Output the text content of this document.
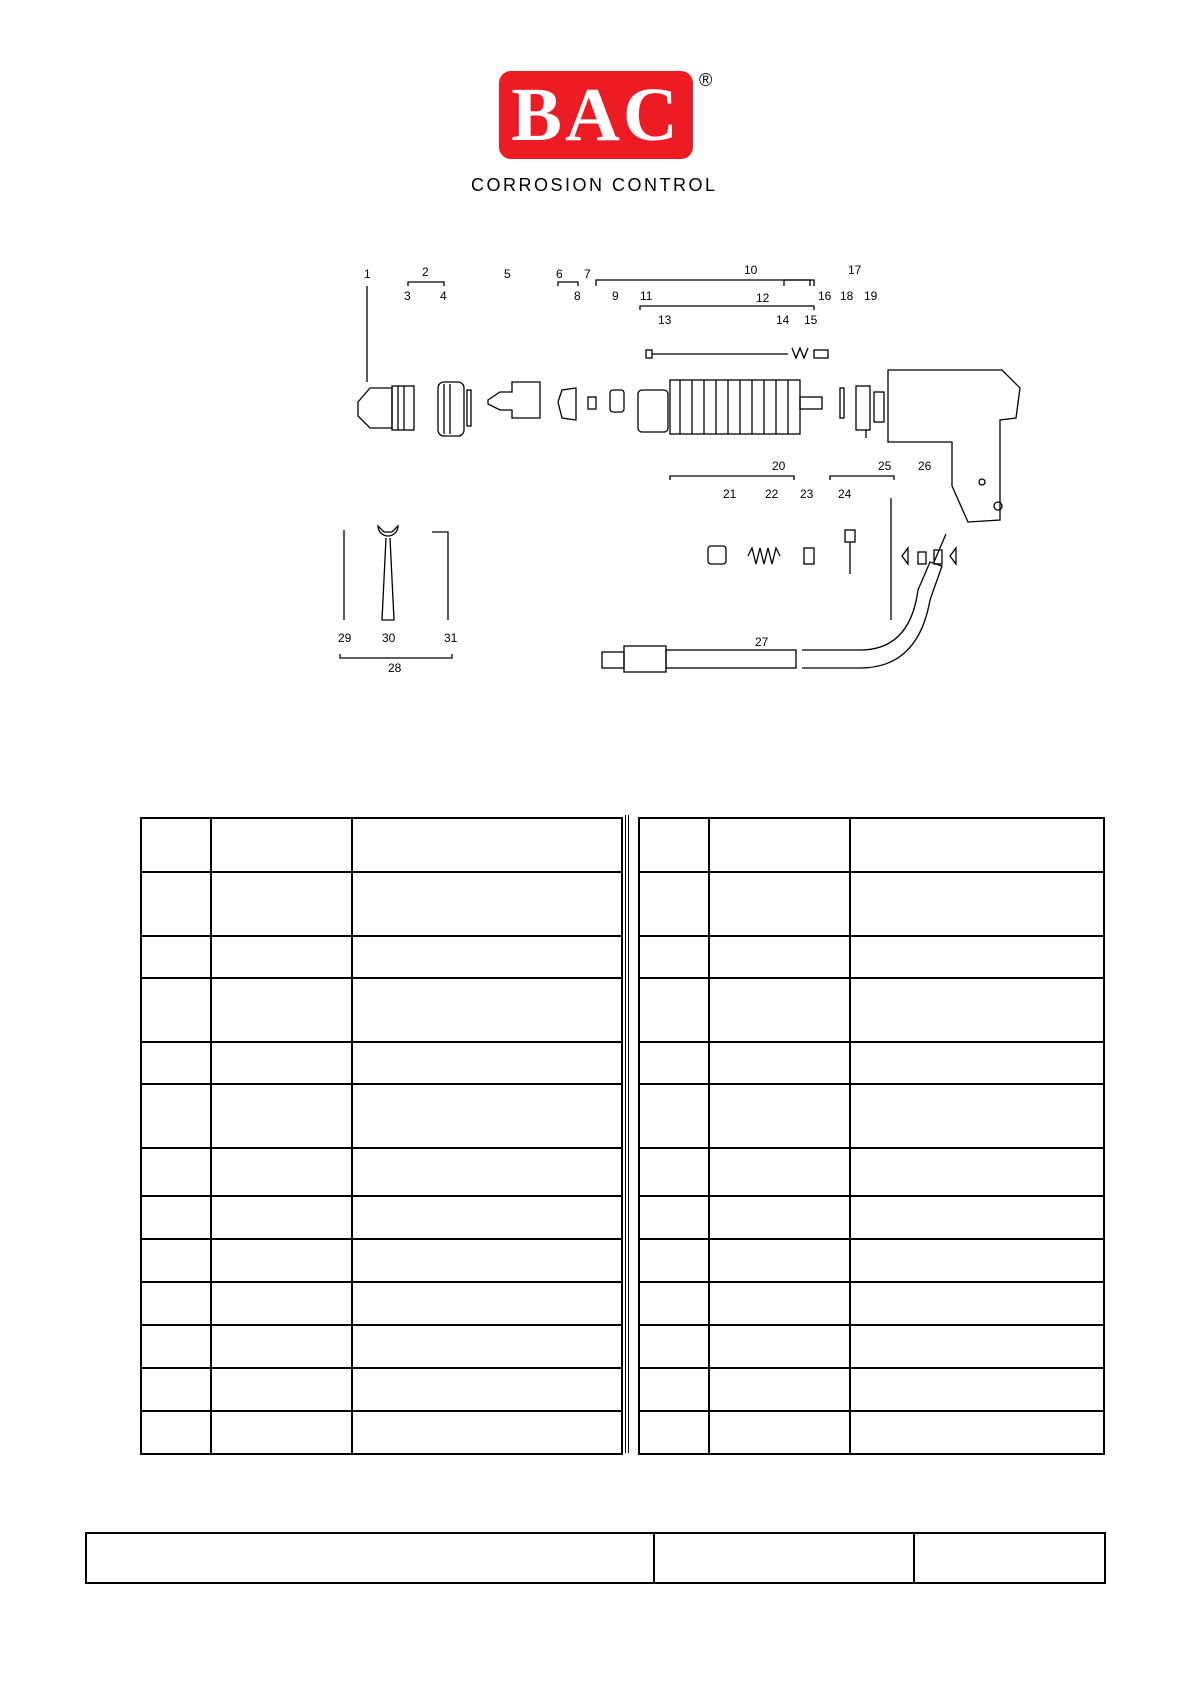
BAC ®
CORROSION CONTROL
1	2
3 4
5	6 7
8	9
10
11	12
13	14 15
16
17
18 19
20
21 22 23 24
25 26
27
28
29	30	31
